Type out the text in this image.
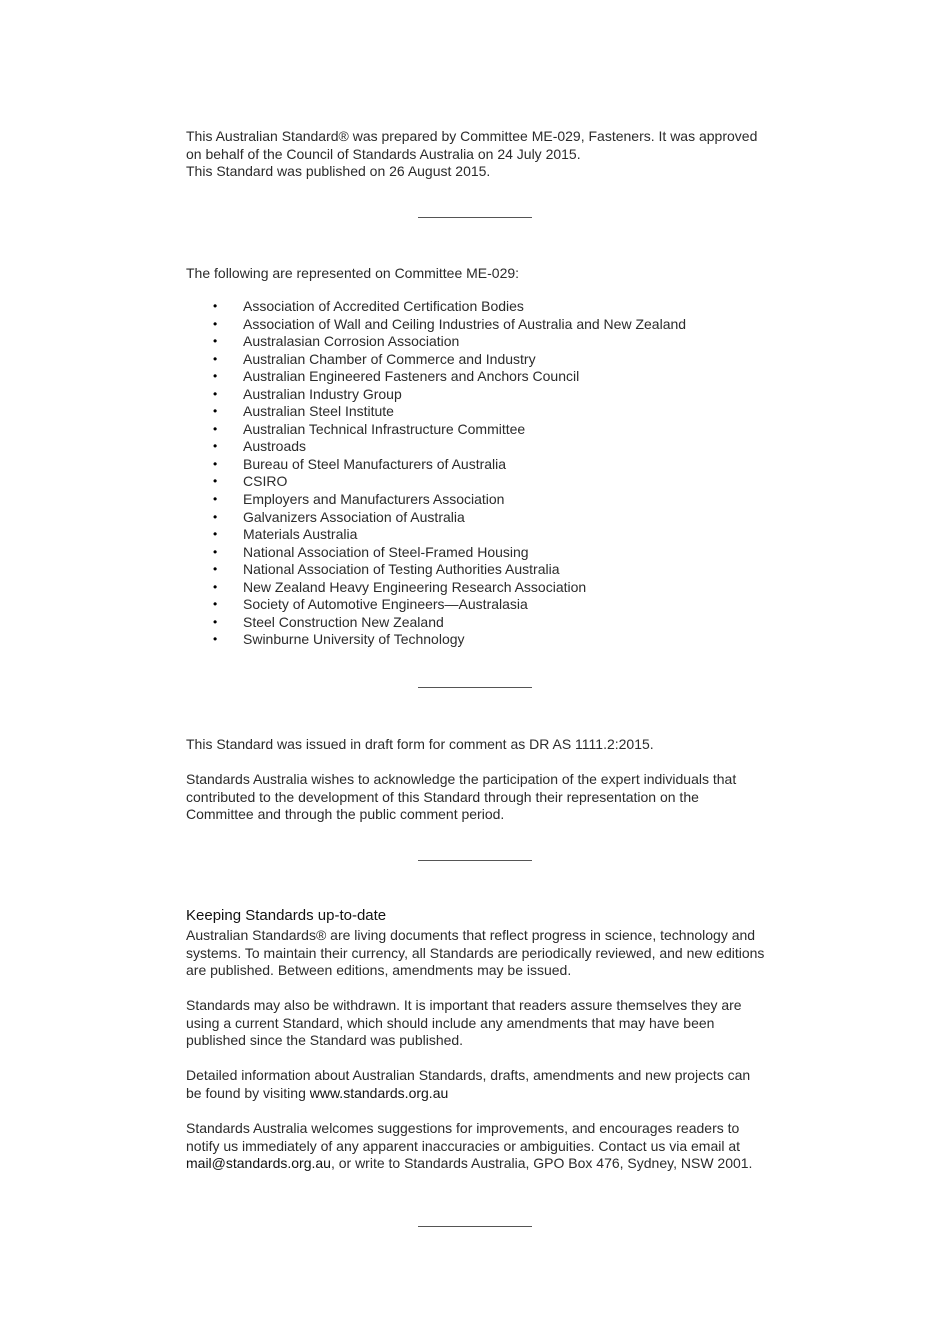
This Australian Standard® was prepared by Committee ME-029, Fasteners. It was approved

on behalf of the Council of Standards Australia on 24 July 2015.

This Standard was published on 26 August 2015.

The following are represented on Committee ME-029:

• Association of Accredited Certification Bodies
• Association of Wall and Ceiling Industries of Australia and New Zealand
• Australasian Corrosion Association
• Australian Chamber of Commerce and Industry
• Australian Engineered Fasteners and Anchors Council
• Australian Industry Group
• Australian Steel Institute
• Australian Technical Infrastructure Committee
• Austroads
• Bureau of Steel Manufacturers of Australia
• CSIRO
• Employers and Manufacturers Association
• Galvanizers Association of Australia
• Materials Australia
• National Association of Steel-Framed Housing
• National Association of Testing Authorities Australia
• New Zealand Heavy Engineering Research Association
• Society of Automotive Engineers—Australasia
• Steel Construction New Zealand
• Swinburne University of Technology

This Standard was issued in draft form for comment as DR AS 1111.2:2015.

Standards Australia wishes to acknowledge the participation of the expert individuals that

contributed to the development of this Standard through their representation on the

Committee and through the public comment period.

Keeping Standards up-to-date

Australian Standards® are living documents that reflect progress in science, technology and

systems. To maintain their currency, all Standards are periodically reviewed, and new editions

are published. Between editions, amendments may be issued.

Standards may also be withdrawn. It is important that readers assure themselves they are

using a current Standard, which should include any amendments that may have been

published since the Standard was published.

Detailed information about Australian Standards, drafts, amendments and new projects can

be found by visiting www.standards.org.au

Standards Australia welcomes suggestions for improvements, and encourages readers to

notify us immediately of any apparent inaccuracies or ambiguities. Contact us via email at

mail@standards.org.au, or write to Standards Australia, GPO Box 476, Sydney, NSW 2001.
